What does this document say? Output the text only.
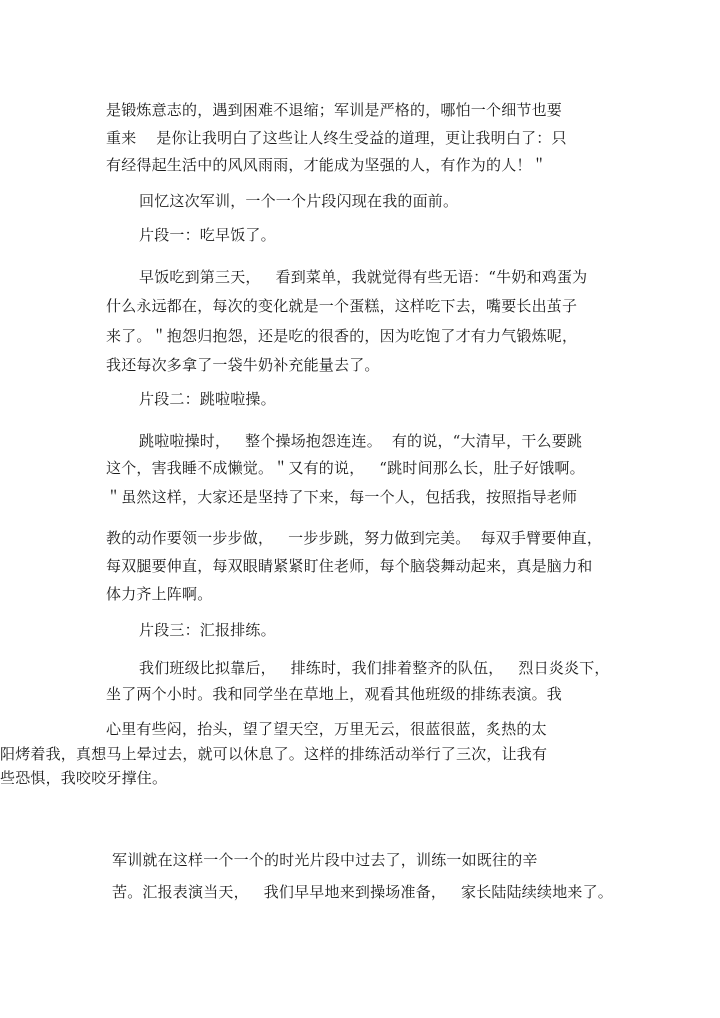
是锻炼意志的，遇到困难不退缩；军训是严格的，哪怕一个细节也要
重来    是你让我明白了这些让人终生受益的道理，更让我明白了：只
有经得起生活中的风风雨雨，才能成为坚强的人，有作为的人！＂
回忆这次军训，一个一个片段闪现在我的面前。
片段一：吃早饭了。
早饭吃到第三天，   看到菜单，我就觉得有些无语：“牛奶和鸡蛋为
什么永远都在，每次的变化就是一个蛋糕，这样吃下去，嘴要长出茧子
来了。＂抱怨归抱怨，还是吃的很香的，因为吃饱了才有力气锻炼呢，
我还每次多拿了一袋牛奶补充能量去了。
片段二：跳啦啦操。
跳啦啦操时，   整个操场抱怨连连。  有的说，“大清早，干么要跳
这个，害我睡不成懒觉。＂又有的说，   “跳时间那么长，肚子好饿啊。
＂虽然这样，大家还是坚持了下来，每一个人，包括我，按照指导老师
教的动作要领一步步做，   一步步跳，努力做到完美。  每双手臂要伸直，
每双腿要伸直，每双眼睛紧紧盯住老师，每个脑袋舞动起来，真是脑力和
体力齐上阵啊。
片段三：汇报排练。
我们班级比拟靠后，   排练时，我们排着整齐的队伍，   烈日炎炎下，
坐了两个小时。我和同学坐在草地上，观看其他班级的排练表演。我
心里有些闷，抬头，望了望天空，万里无云，很蓝很蓝，炙热的太
阳烤着我，真想马上晕过去，就可以休息了。这样的排练活动举行了三次，让我有
些恐惧，我咬咬牙撑住。
军训就在这样一个一个的时光片段中过去了，训练一如既往的辛
苦。汇报表演当天，   我们早早地来到操场准备，   家长陆陆续续地来了。
